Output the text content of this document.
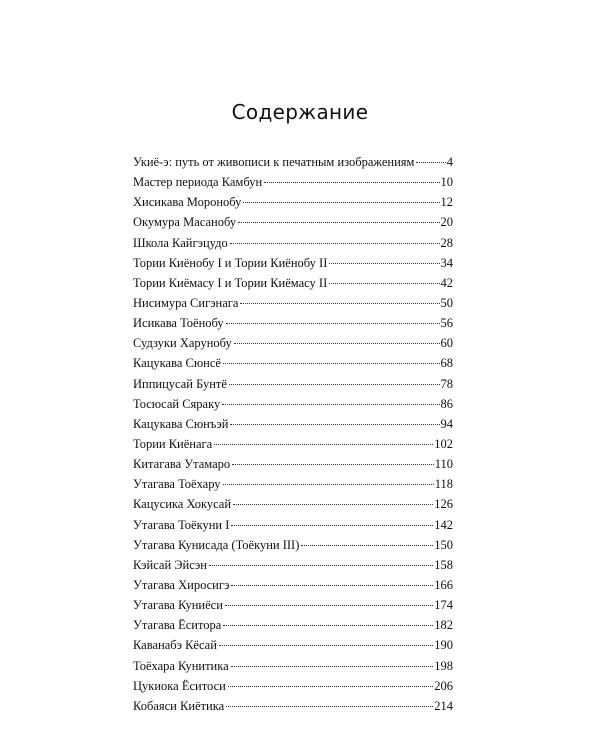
Содержание
Укиё-э: путь от живописи к печатным изображениям	4
Мастер периода Камбун	10
Хисикава Моронобу	12
Окумура Масанобу	20
Школа Кайгэцудо	28
Тории Киёнобу I и Тории Киёнобу II	34
Тории Киёмасу I и Тории Киёмасу II	42
Нисимура Сигэнага	50
Исикава Тоёнобу	56
Судзуки Харунобу	60
Кацукава Сюнсё	68
Иппицусай Бунтё	78
Тосюсай Сяраку	86
Кацукава Сюнъэй	94
Тории Киёнага	102
Китагава Утамаро	110
Утагава Тоёхару	118
Кацусика Хокусай	126
Утагава Тоёкуни I	142
Утагава Кунисада (Тоёкуни III)	150
Кэйсай Эйсэн	158
Утагава Хиросигэ	166
Утагава Куниёси	174
Утагава Ёситора	182
Каванабэ Кёсай	190
Тоёхара Кунитика	198
Цукиока Ёситоси	206
Кобаяси Киётика	214
